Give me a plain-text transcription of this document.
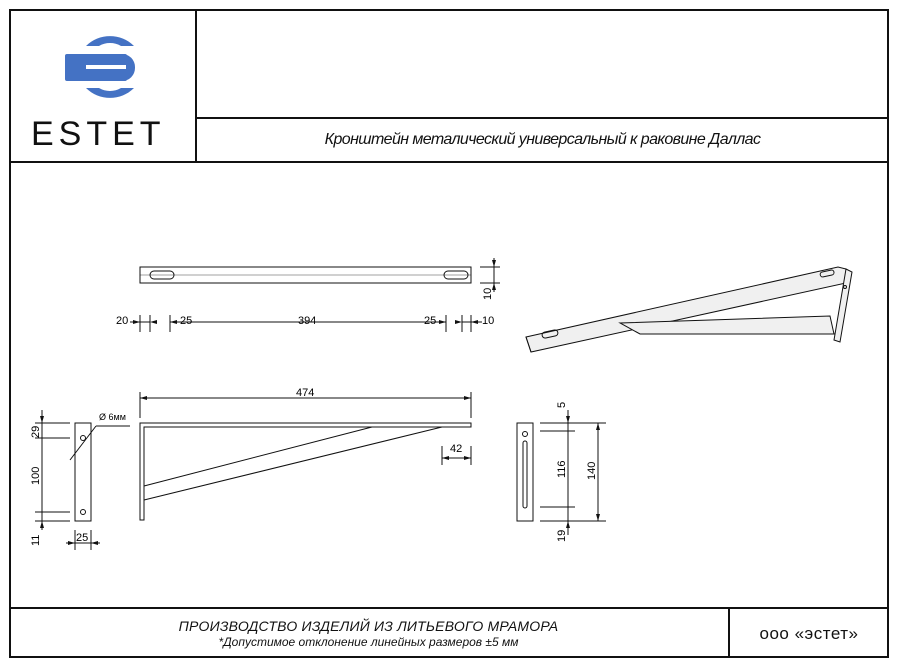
ESTET	Кронштейн металический универсальный к раковине Даллас
20	25	394	25	10
10
474
42
Ø 6мм
29
100
11	25
5
116 140
19
ПРОИЗВОДСТВО ИЗДЕЛИЙ ИЗ ЛИТЬЕВОГО МРАМОРА
*Допустимое отклонение линейных размеров ±5 мм	ооо «эстет»
